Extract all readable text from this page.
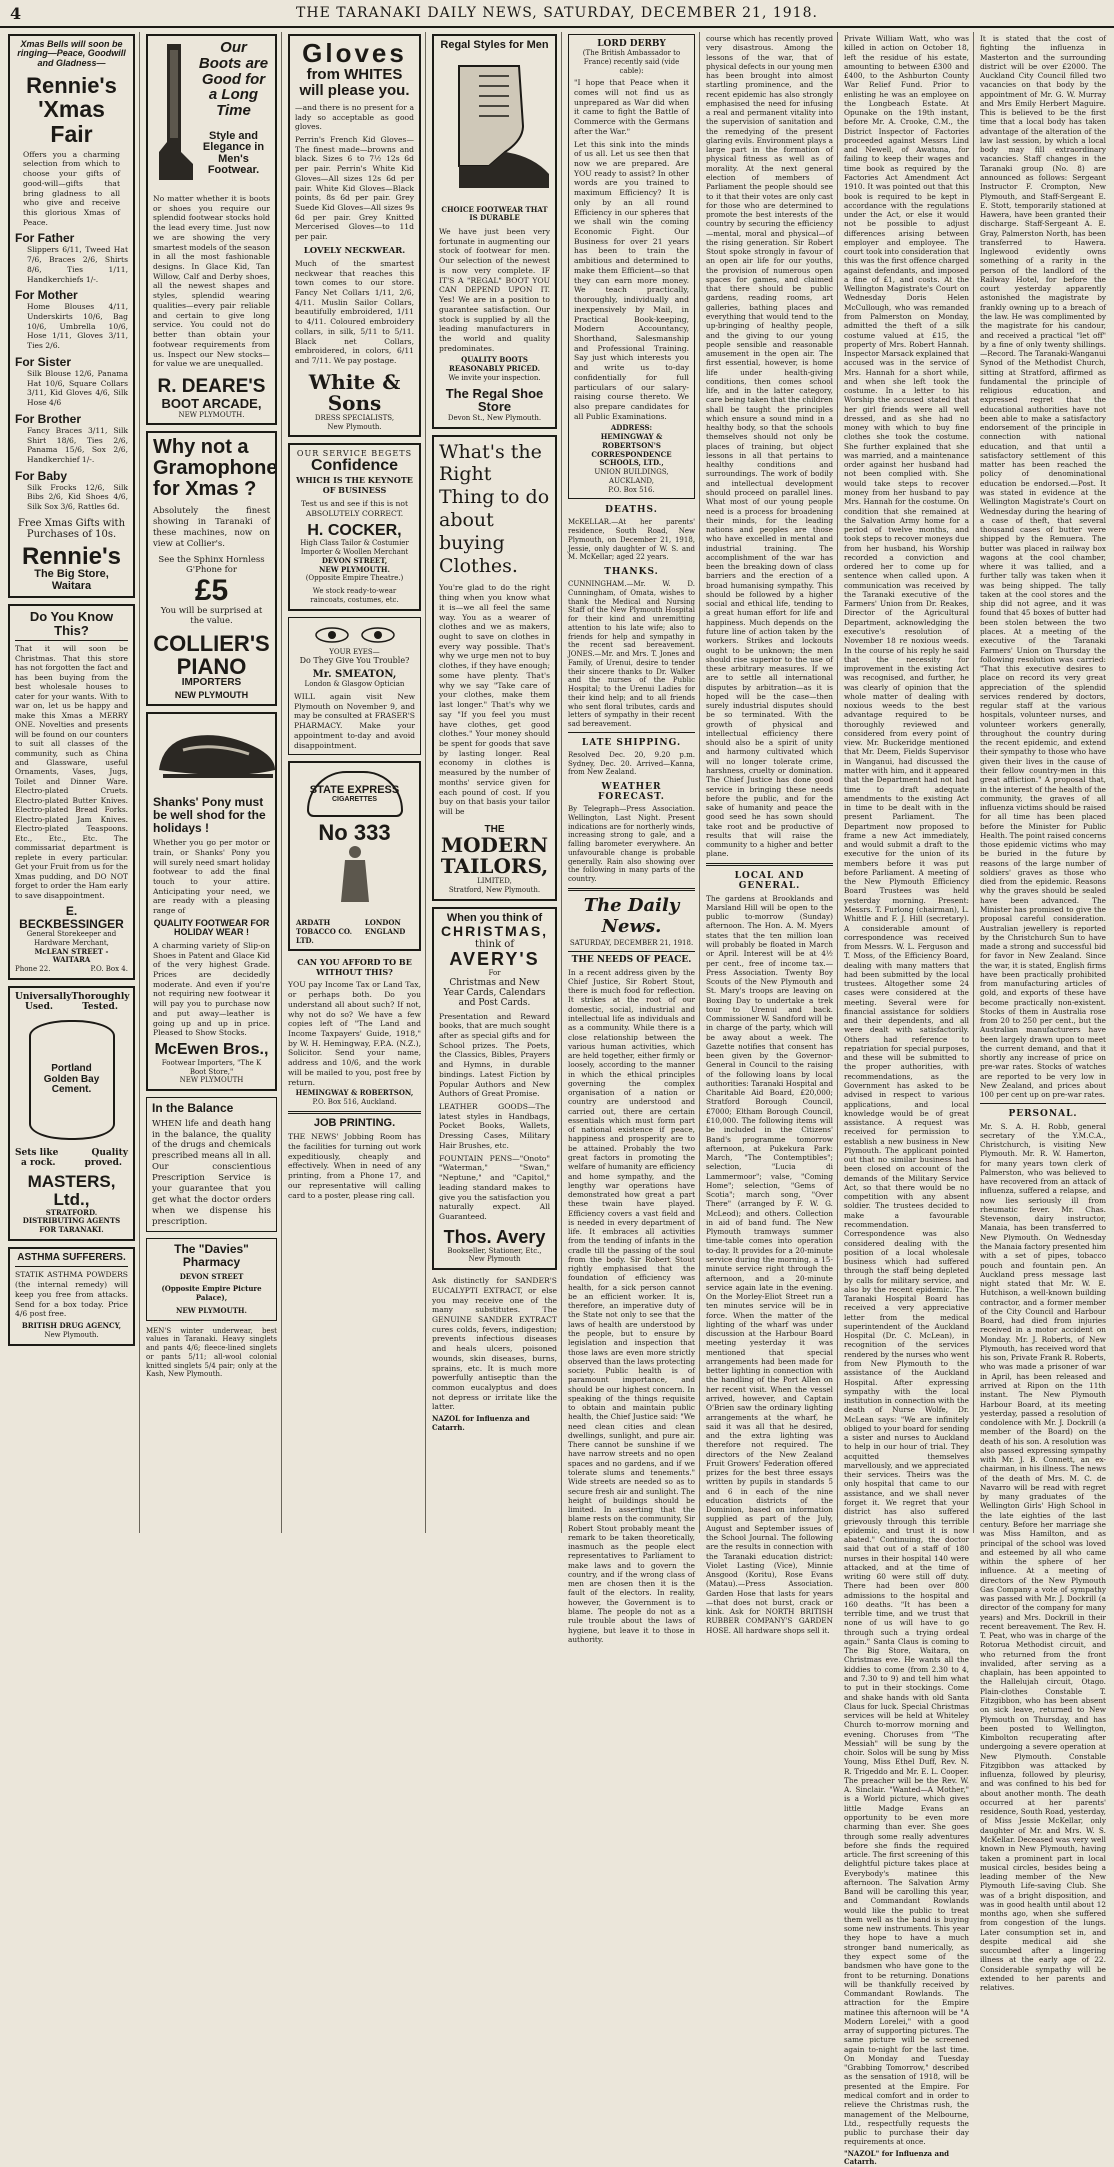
4	THE TARANAKI DAILY NEWS, SATURDAY, DECEMBER 21, 1918.
Xmas Bells will soon be ringing—Peace, Goodwill and Gladness—
Rennie's
'Xmas Fair
Offers you a charming selection from which to choose your gifts of good-will—gifts that bring gladness to all who give and receive this glorious Xmas of Peace.
For Father
Slippers 6/11, Tweed Hat 7/6, Braces 2/6, Shirts 8/6, Ties 1/11, Handkerchiefs 1/-.
For Mother
Home Blouses 4/11, Underskirts 10/6, Bag 10/6, Umbrella 10/6, Hose 1/11, Gloves 3/11, Ties 2/6.
For Sister
Silk Blouse 12/6, Panama Hat 10/6, Square Collars 3/11, Kid Gloves 4/6, Silk Hose 4/6
For Brother
Fancy Braces 3/11, Silk Shirt 18/6, Ties 2/6, Panama 15/6, Sox 2/6, Handkerchief 1/-.
For Baby
Silk Frocks 12/6, Silk Bibs 2/6, Kid Shoes 4/6, Silk Sox 3/6, Rattles 6d.
Free Xmas Gifts with Purchases of 10s.
Rennie's
The Big Store, Waitara
Do You Know This?
That it will soon be Christmas. That this store has not forgotten the fact and has been buying from the best wholesale houses to cater for your wants. With to war on, let us be happy and make this Xmas a MERRY ONE. Novelties and presents will be found on our counters to suit all classes of the community, such as China and Glassware, useful Ornaments, Vases, Jugs, Toilet and Dinner Ware. Electro-plated Cruets. Electro-plated Butter Knives. Electro-plated Bread Forks. Electro-plated Jam Knives. Electro-plated Teaspoons. Etc., Etc., Etc. The commissariat department is replete in every particular. Get your Fruit from us for the Xmas pudding, and DO NOT forget to order the Ham early to save disappointment.
E. BECKBESSINGER
General Storekeeper and Hardware Merchant,
McLEAN STREET - WAITARA
Phone 22.	P.O. Box 4.
Universally Thoroughly
Used.	Tested.
Portland
Golden Bay
Cement.
Sets like	Quality
a rock.	proved.
MASTERS, Ltd.,
STRATFORD.
DISTRIBUTING AGENTS FOR TARANAKI.
ASTHMA SUFFERERS.
STATIK ASTHMA POWDERS (the internal remedy) will keep you free from attacks. Send for a box today. Price 4/6 post free.
BRITISH DRUG AGENCY,
New Plymouth.
Our Boots are Good for a Long Time
Style and Elegance in Men's Footwear.
No matter whether it is boots or shoes you require our splendid footwear stocks hold the lead every time. Just now we are showing the very smartest models of the season in all the most fashionable designs. In Glace Kid, Tan Willow, Calf and Derby shoes, all the newest shapes and styles, splendid wearing qualities—every pair reliable and certain to give long service. You could not do better than obtain your footwear requirements from us. Inspect our New stocks—for value we are unequalled.
R. DEARE'S
BOOT ARCADE,
NEW PLYMOUTH.
Why not a Gramophone for Xmas ?
Absolutely the finest showing in Taranaki of these machines, now on view at Collier's.
See the Sphinx Hornless G'Phone for
£5
You will be surprised at the value.
COLLIER'S
PIANO
IMPORTERS
NEW PLYMOUTH
Shanks' Pony must be well shod for the holidays !
Whether you go per motor or train, or Shanks' Pony you will surely need smart holiday footwear to add the final touch to your attire. Anticipating your need, we are ready with a pleasing range of
QUALITY FOOTWEAR FOR HOLIDAY WEAR !
A charming variety of Slip-on Shoes in Patent and Glace Kid of the very highest Grade. Prices are decidedly moderate. And even if you're not requiring new footwear it will pay you to purchase now and put away—leather is going up and up in price. Pleased to Show Stocks.
McEwen Bros.,
Footwear Importers, "The K Boot Store,"
NEW PLYMOUTH
In the Balance
WHEN life and death hang in the balance, the quality of the drugs and chemicals prescribed means all in all. Our conscientious Prescription Service is your guarantee that you get what the doctor orders when we dispense his prescription.
The "Davies" Pharmacy
DEVON STREET
(Opposite Empire Picture Palace),
NEW PLYMOUTH.
MEN'S winter underwear, best values in Taranaki. Heavy singlets and pants 4/6; fleece-lined singlets or pants 5/11; all-wool colonial knitted singlets 5/4 pair; only at the Kash, New Plymouth.
Gloves
from WHITES
will please you.
—and there is no present for a lady so acceptable as good gloves.
Perrin's French Kid Gloves—The finest made—browns and black. Sizes 6 to 7½ 12s 6d per pair. Perrin's White Kid Gloves—All sizes 12s 6d per pair. White Kid Gloves—Black points, 8s 6d per pair. Grey Suede Kid Gloves—All sizes 9s 6d per pair. Grey Knitted Mercerised Gloves—to 11d per pair.
LOVELY NECKWEAR.
Much of the smartest neckwear that reaches this town comes to our store. Fancy Net Collars 1/11, 2/6, 4/11. Muslin Sailor Collars, beautifully embroidered, 1/11 to 4/11. Coloured embroidery collars, in silk, 5/11 to 5/11. Black net Collars, embroidered, in colors, 6/11 and 7/11. We pay postage.
White & Sons
DRESS SPECIALISTS,
New Plymouth.
OUR SERVICE BEGETS
Confidence
WHICH IS THE KEYNOTE OF BUSINESS
Test us and see if this is not ABSOLUTELY CORRECT.
H. COCKER,
High Class Tailor & Costumier Importer & Woollen Merchant
DEVON STREET,
NEW PLYMOUTH.
(Opposite Empire Theatre.)
We stock ready-to-wear raincoats, costumes, etc.
YOUR EYES—
Do They Give You Trouble?
Mr. SMEATON,
London & Glasgow Optician
WILL again visit New Plymouth on November 9, and may be consulted at FRASER'S PHARMACY. Make your appointment to-day and avoid disappointment.
STATE EXPRESS
CIGARETTES
No 333
ARDATH TOBACCO CO. LTD.
LONDON ENGLAND
CAN YOU AFFORD TO BE WITHOUT THIS?
YOU pay Income Tax or Land Tax, or perhaps both. Do you understand all about such? If not, why not do so? We have a few copies left of "The Land and Income Taxpayers' Guide, 1918," by W. H. Hemingway, F.P.A. (N.Z.), Solicitor. Send your name, address and 10/6, and the work will be mailed to you, post free by return.
HEMINGWAY & ROBERTSON,
P.O. Box 516, Auckland.
JOB PRINTING.
THE NEWS' Jobbing Room has the facilities for turning out work expeditiously, cheaply and effectively. When in need of any printing, from a Phone 17, and our representative will calling card to a poster, please ring call.
Regal Styles for Men
CHOICE FOOTWEAR THAT IS DURABLE
We have just been very fortunate in augmenting our stock of footwear for men. Our selection of the newest is now very complete. IF IT'S A "REGAL" BOOT YOU CAN DEPEND UPON IT. Yes! We are in a position to guarantee satisfaction. Our stock is supplied by all the leading manufacturers in the world and quality predominates.
QUALITY BOOTS REASONABLY PRICED.
We invite your inspection.
The Regal Shoe Store
Devon St., New Plymouth.
What's the Right Thing to do about buying Clothes.
You're glad to do the right thing when you know what it is—we all feel the same way. You as a wearer of clothes and we as makers, ought to save on clothes in every way possible. That's why we urge men not to buy clothes, if they have enough; some have plenty. That's why we say "Take care of your clothes, make them last longer." That's why we say "If you feel you must have clothes, get good clothes." Your money should be spent for goods that save by lasting longer. Real economy in clothes is measured by the number of months' service given for each pound of cost. If you buy on that basis your tailor will be
THE
MODERN TAILORS,
LIMITED,
Stratford, New Plymouth.
When you think of
CHRISTMAS,
think of
AVERY'S
For
Christmas and New Year Cards, Calendars and Post Cards.
Presentation and Reward books, that are much sought after as special gifts and for School prizes. The Poets, the Classics, Bibles, Prayers and Hymns, in durable bindings. Latest Fiction by Popular Authors and New Authors of Great Promise.
LEATHER GOODS—The latest styles in Handbags, Pocket Books, Wallets, Dressing Cases, Military Hair Brushes, etc.
FOUNTAIN PENS—"Onoto" "Waterman," "Swan," "Neptune," and "Capitol," leading standard makes to give you the satisfaction you naturally expect. All Guaranteed.
Thos. Avery
Bookseller, Stationer, Etc.,
New Plymouth
Ask distinctly for SANDER'S EUCALYPTI EXTRACT, or else you may receive one of the many substitutes. The GENUINE SANDER EXTRACT cures colds, fevers, indigestion; prevents infectious diseases and heals ulcers, poisoned wounds, skin diseases, burns, sprains, etc. It is much more powerfully antiseptic than the common eucalyptus and does not depress or irritate like the latter.
NAZOL for Influenza and Catarrh.
LORD DERBY
(The British Ambassador to France) recently said (vide cable):
"I hope that Peace when it comes will not find us as unprepared as War did when it came to fight the Battle of Commerce with the Germans after the War."
Let this sink into the minds of us all. Let us see then that now we are prepared. Are YOU ready to assist? In other words are you trained to maximum Efficiency? It is only by an all round Efficiency in our spheres that we shall win the coming Economic Fight. Our Business for over 21 years has been to train the ambitious and determined to make them Efficient—so that they can earn more money. We teach practically, thoroughly, individually and inexpensively by Mail, in Practical Book-keeping, Modern Accountancy, Shorthand, Salesmanship and Professional Training. Say just which interests you and write us to-day confidentially for full particulars of our salary-raising course thereto. We also prepare candidates for all Public Examinations.
ADDRESS:
HEMINGWAY & ROBERTSON'S CORRESPONDENCE SCHOOLS, LTD.,
UNION BUILDINGS, AUCKLAND,
P.O. Box 516.
DEATHS.
McKELLAR.—At her parents' residence, South Road, New Plymouth, on December 21, 1918, Jessie, only daughter of W. S. and M. McKellar; aged 22 years.
THANKS.
CUNNINGHAM.—Mr. W. D. Cunningham, of Omata, wishes to thank the Medical and Nursing Staff of the New Plymouth Hospital for their kind and unremitting attention to his late wife; also to friends for help and sympathy in the recent sad bereavement. JONES.—Mr. and Mrs. T. Jones and Family, of Urenui, desire to tender their sincere thanks to Dr. Walker and the nurses of the Public Hospital; to the Urenui Ladies for their kind help; and to all friends who sent floral tributes, cards and letters of sympathy in their recent sad bereavement.
LATE SHIPPING.
Resolved Dec. 20, 9.20 p.m. Sydney, Dec. 20. Arrived—Kanna, from New Zealand.
WEATHER FORECAST.
By Telegraph—Press Association. Wellington, Last Night. Present indications are for northerly winds, increasing strong to gale, and a falling barometer everywhere. An unfavourable change is probable generally. Rain also showing over the following in many parts of the country.
The Daily News.
SATURDAY, DECEMBER 21, 1918.
THE NEEDS OF PEACE.
In a recent address given by the Chief Justice, Sir Robert Stout, there is much food for reflection. It strikes at the root of our domestic, social, industrial and intellectual life as individuals and as a community. While there is a close relationship between the various human activities, which are held together, either firmly or loosely, according to the manner in which the ethical principles governing the complex organisation of a nation or country are understood and carried out, there are certain essentials which must form part of national existence if peace, happiness and prosperity are to be attained. Probably the two great factors in promoting the welfare of humanity are efficiency and home sympathy, and the lengthy war operations have demonstrated how great a part these twain have played. Efficiency covers a vast field and is needed in every department of life. It embraces all activities from the tending of infants in the cradle till the passing of the soul from the body. Sir Robert Stout rightly emphasised that the foundation of efficiency was health, for a sick person cannot be an efficient worker. It is, therefore, an imperative duty of the State not only to see that the laws of health are understood by the people, but to ensure by legislation and inspection that those laws are even more strictly observed than the laws protecting society. Public health is of paramount importance, and should be our highest concern. In speaking of the things requisite to obtain and maintain public health, the Chief Justice said: "We need clean cities and clean dwellings, sunlight, and pure air. There cannot be sunshine if we have narrow streets and no open spaces and no gardens, and if we tolerate slums and tenements." Wide streets are needed so as to secure fresh air and sunlight. The height of buildings should be limited. In asserting that the blame rests on the community, Sir Robert Stout probably meant the remark to be taken theoretically, inasmuch as the people elect representatives to Parliament to make laws and to govern the country, and if the wrong class of men are chosen then it is the fault of the electors. In reality, however, the Government is to blame. The people do not as a rule trouble about the laws of hygiene, but leave it to those in authority.
course which has recently proved very disastrous. Among the lessons of the war, that of physical defects in our young men has been brought into almost startling prominence, and the recent epidemic has also strongly emphasised the need for infusing a real and permanent vitality into the supervision of sanitation and the remedying of the present glaring evils. Environment plays a large part in the formation of physical fitness as well as of morality. At the next general election of members of Parliament the people should see to it that their votes are only cast for those who are determined to promote the best interests of the country by securing the efficiency—mental, moral and physical—of the rising generation. Sir Robert Stout spoke strongly in favour of an open air life for our youths, the provision of numerous open spaces for games, and claimed that there should be public gardens, reading rooms, art galleries, bathing places and everything that would tend to the up-bringing of healthy people, and the giving to our young people sensible and reasonable amusement in the open air. The first essential, however, is home life under health-giving conditions, then comes school life, and in the latter category, care being taken that the children shall be taught the principles which ensure a sound mind in a healthy body, so that the schools themselves should not only be places of training, but object lessons in all that pertains to healthy conditions and surroundings. The work of bodily and intellectual development should proceed on parallel lines. What most of our young people need is a process for broadening their minds, for the leading nations and peoples are those who have excelled in mental and industrial training. The accomplishment of the war has been the breaking down of class barriers and the erection of a broad humanising sympathy. This should be followed by a higher social and ethical life, tending to a great human effort for life and happiness. Much depends on the future line of action taken by the workers. Strikes and lockouts ought to be unknown; the men should rise superior to the use of these arbitrary measures. If we are to settle all international disputes by arbitration—as it is hoped will be the case—then surely industrial disputes should be so terminated. With the growth of physical and intellectual efficiency there should also be a spirit of unity and harmony cultivated which will no longer tolerate crime, harshness, cruelty or domination. The Chief Justice has done good service in bringing these needs before the public, and for the sake of humanity and peace the good seed he has sown should take root and be productive of results that will raise the community to a higher and better plane.
LOCAL AND GENERAL.
The gardens at Brooklands and Marsland Hill will be open to the public to-morrow (Sunday) afternoon. The Hon. A. M. Myers states that the ten million loan will probably be floated in March or April. Interest will be at 4½ per cent., free of income tax.—Press Association. Twenty Boy Scouts of the New Plymouth and St. Mary's troops are leaving on Boxing Day to undertake a trek tour to Urenui and back. Commissioner W. Sandford will be in charge of the party, which will be away about a week. The Gazette notifies that consent has been given by the Governor-General in Council to the raising of the following loans by local authorities: Taranaki Hospital and Charitable Aid Board, £20,000; Stratford Borough Council, £7000; Eltham Borough Council, £10,000. The following items will be included in the Citizens' Band's programme tomorrow afternoon, at Pukekura Park: March, "The Contemptibles"; selection, "Lucia di Lammermoor"; valse, "Coming Home"; selection, "Gems of Scotia"; march song, "Over There" (arranged by F. W. G. McLeod); and others. Collection in aid of band fund. The New Plymouth tramways summer time-table comes into operation to-day. It provides for a 20-minute service during the morning, a 15-minute service right through the afternoon, and a 20-minute service again late in the evening. On the Morley-Eliot Street run a ten minutes service will be in force. When the matter of the lighting of the wharf was under discussion at the Harbour Board meeting yesterday it was mentioned that special arrangements had been made for better lighting in connection with the handling of the Port Allen on her recent visit. When the vessel arrived, however, and Captain O'Brien saw the ordinary lighting arrangements at the wharf, he said it was all that he desired, and the extra lighting was therefore not required. The directors of the New Zealand Fruit Growers' Federation offered prizes for the best three essays written by pupils in standards 5 and 6 in each of the nine education districts of the Dominion, based on information supplied as part of the July, August and September issues of the School Journal. The following are the results in connection with the Taranaki education district: Violet Lasting (Vice), Minnie Ansgood (Koritu), Rose Evans (Matau).—Press Association. Garden Hose that lasts for years—that does not burst, crack or kink. Ask for NORTH BRITISH RUBBER COMPANY'S GARDEN HOSE. All hardware shops sell it.
Private William Watt, who was killed in action on October 18, left the residue of his estate, amounting to between £300 and £400, to the Ashburton County War Relief Fund. Prior to enlisting he was an employee on the Longbeach Estate. At Opunake on the 19th instant, before Mr. A. Crooke, C.M., the District Inspector of Factories proceeded against Messrs Lind and Newell, of Awatuna, for failing to keep their wages and time book as required by the Factories Act Amendment Act 1910. It was pointed out that this book is required to be kept in accordance with the regulations under the Act, or else it would not be possible to adjust differences arising between employer and employee. The court took into consideration that this was the first offence charged against defendants, and imposed a fine of £1, and costs. At the Wellington Magistrate's Court on Wednesday Doris Helen McCullough, who was remanded from Palmerston on Monday, admitted the theft of a silk costume valued at £15, the property of Mrs. Robert Hannah. Inspector Marsack explained that accused was in the service of Mrs. Hannah for a short while, and when she left took the costume. In a letter to his Worship the accused stated that her girl friends were all well dressed, and as she had no money with which to buy fine clothes she took the costume. She further explained that she was married, and a maintenance order against her husband had not been complied with. She would take steps to recover money from her husband to pay Mrs. Hannah for the costume. On condition that she remained at the Salvation Army home for a period of twelve months, and took steps to recover moneys due from her husband, his Worship recorded a conviction and ordered her to come up for sentence when called upon. A communication was received by the Taranaki executive of the Farmers' Union from Dr. Reakes, Director of the Agricultural Department, acknowledging the executive's resolution of November 18 re noxious weeds. In the course of his reply he said that the necessity for improvement in the existing Act was recognised, and further, he was clearly of opinion that the whole matter of dealing with noxious weeds to the best advantage required to be thoroughly reviewed and considered from every point of view. Mr. Buckeridge mentioned that Mr. Deem, Fields Supervisor in Wanganui, had discussed the matter with him, and it appeared that the Department had not had time to draft adequate amendments to the existing Act in time to be dealt with in the present Parliament. The Department now proposed to frame a new Act immediately, and would submit a draft to the executive for the union of its members before it was put before Parliament. A meeting of the New Plymouth Efficiency Board Trustees was held yesterday morning. Present: Messrs. T. Furlong (chairman), L. Whittle and F. J. Hill (secretary). A considerable amount of correspondence was received from Messrs. W. L. Ferguson and T. Moss, of the Efficiency Board, dealing with many matters that had been submitted by the local trustees. Altogether some 24 cases were considered at the meeting. Several were for financial assistance for soldiers and their dependents, and all were dealt with satisfactorily. Others had reference to repatriation for special purposes, and these will be submitted to the proper authorities, with recommendations, as the Government has asked to be advised in respect to various applications, and local knowledge would be of great assistance. A request was received for permission to establish a new business in New Plymouth. The applicant pointed out that no similar business had been closed on account of the demands of the Military Service Act, so that there would be no competition with any absent soldier. The trustees decided to make a favourable recommendation. Correspondence was also considered dealing with the position of a local wholesale business which had suffered through the staff being depleted by calls for military service, and also by the recent epidemic. The Taranaki Hospital Board has received a very appreciative letter from the medical superintendent of the Auckland Hospital (Dr. C. McLean), in recognition of the services rendered by the nurses who went from New Plymouth to the assistance of the Auckland Hospital. After expressing sympathy with the local institution in connection with the death of Nurse Wolfe, Dr. McLean says: "We are infinitely obliged to your board for sending a sister and nurses to Auckland to help in our hour of trial. They acquitted themselves marvellously, and we appreciated their services. Theirs was the only hospital that came to our assistance, and we shall never forget it. We regret that your district has also suffered grievously through this terrible epidemic, and trust it is now abated." Continuing, the doctor said that out of a staff of 180 nurses in their hospital 140 were attacked, and at the time of writing 60 were still off duty. There had been over 800 admissions to the hospital and 160 deaths. "It has been a terrible time, and we trust that none of us will have to go through such a trying ordeal again." Santa Claus is coming to The Big Store, Waitara, on Christmas eve. He wants all the kiddies to come (from 2.30 to 4, and 7.30 to 9) and tell him what to put in their stockings. Come and shake hands with old Santa Claus for luck. Special Christmas services will be held at Whiteley Church to-morrow morning and evening. Choruses from "The Messiah" will be sung by the choir. Solos will be sung by Miss Young, Miss Ethel Duff, Rev. N. R. Trigeddo and Mr. E. L. Cooper. The preacher will be the Rev. W. A. Sinclair. "Wanted—A Mother," is a World picture, which gives little Madge Evans an opportunity to be even more charming than ever. She goes through some really adventures before she finds the required article. The first screening of this delightful picture takes place at Everybody's matinee this afternoon. The Salvation Army Band will be carolling this year, and Commandant Rowlands would like the public to treat them well as the band is buying some new instruments. This year they hope to have a much stronger band numerically, as they expect some of the bandsmen who have gone to the front to be returning. Donations will be thankfully received by Commandant Rowlands. The attraction for the Empire matinee this afternoon will be "A Modern Lorelei," with a good array of supporting pictures. The same picture will be screened again to-night for the last time. On Monday and Tuesday "Grabbing Tomorrow," described as the sensation of 1918, will be presented at the Empire. For medical comfort and in order to relieve the Christmas rush, the management of the Melbourne, Ltd., respectfully requests the public to purchase their day requirements at once.
"NAZOL" for Influenza and Catarrh.
It is stated that the cost of fighting the influenza in Masterton and the surrounding district will be over £2000. The Auckland City Council filled two vacancies on that body by the appointment of Mr. G. W. Murray and Mrs Emily Herbert Maguire. This is believed to be the first time that a local body has taken advantage of the alteration of the law last session, by which a local body may fill extraordinary vacancies. Staff changes in the Taranaki group (No. 8) are announced as follows: Sergeant Instructor F. Crompton, New Plymouth, and Staff-Sergeant E. E. Stott, temporarily stationed at Hawera, have been granted their discharge. Staff-Sergeant A. E. Gray, Palmerston North, has been transferred to Hawera. Inglewood evidently owns something of a rarity in the person of the landlord of the Railway Hotel, for before the court yesterday apparently astonished the magistrate by frankly owning up to a breach of the law. He was complimented by the magistrate for his candour, and received a practical "let off" by a fine of only twenty shillings.—Record. The Taranaki-Wanganui Synod of the Methodist Church, sitting at Stratford, affirmed as fundamental the principle of religious education, and expressed regret that the educational authorities have not been able to make a satisfactory endorsement of the principle in connection with national education, and that until a satisfactory settlement of this matter has been reached the policy of denominational education be endorsed.—Post. It was stated in evidence at the Wellington Magistrate's Court on Wednesday during the hearing of a case of theft, that several thousand cases of butter were shipped by the Remuera. The butter was placed in railway box wagons at the cool chamber, where it was tallied, and a further tally was taken when it was being shipped. The tally taken at the cool stores and the ship did not agree, and it was found that 45 boxes of butter had been stolen between the two places. At a meeting of the executive of the Taranaki Farmers' Union on Thursday the following resolution was carried: "That this executive desires to place on record its very great appreciation of the splendid services rendered by doctors, regular staff at the various hospitals, volunteer nurses, and volunteer workers generally, throughout the country during the recent epidemic, and extend their sympathy to those who have given their lives in the cause of their fellow country-men in this great affliction." A proposal that, in the interest of the health of the community, the graves of all influenza victims should be raised for all time has been placed before the Minister for Public Health. The point raised concerns those epidemic victims who may be buried in the future by reasons of the large number of soldiers' graves as those who died from the epidemic. Reasons why the graves should be sealed have been advanced. The Minister has promised to give the proposal careful consideration. Australian jewellery is reported by the Christchurch Sun to have made a strong and successful bid for favor in New Zealand. Since the war, it is stated, English firms have been practically prohibited from manufacturing articles of gold, and exports of these have become practically non-existent. Stocks of them in Australia rose from 20 to 250 per cent., but the Australian manufacturers have been largely drawn upon to meet the current demand, and that it shortly any increase of price on pre-war rates. Stocks of watches are reported to be very low in New Zealand, and prices about 100 per cent up on pre-war rates.
PERSONAL.
Mr. S. A. H. Robb, general secretary of the Y.M.C.A., Christchurch, is visiting New Plymouth. Mr. R. W. Hamerton, for many years town clerk of Palmerston, who was believed to have recovered from an attack of influenza, suffered a relapse, and now lies seriously ill from rheumatic fever. Mr. Chas. Stevenson, dairy instructor, Manaia, has been transferred to New Plymouth. On Wednesday the Manaia factory presented him with a set of pipes, tobacco pouch and fountain pen. An Auckland press message last night stated that Mr. W. E. Hutchison, a well-known building contractor, and a former member of the City Council and Harbour Board, had died from injuries received in a motor accident on Monday. Mr. J. Roberts, of New Plymouth, has received word that his son, Private Frank R. Roberts, who was made a prisoner of war in April, has been released and arrived at Ripon on the 11th instant. The New Plymouth Harbour Board, at its meeting yesterday, passed a resolution of condolence with Mr. J. Dockrill (a member of the Board) on the death of his son. A resolution was also passed expressing sympathy with Mr. J. B. Connett, an ex-chairman, in his illness. The news of the death of Mrs. M. C. de Navarro will be read with regret by many graduates of the Wellington Girls' High School in the late eighties of the last century. Before her marriage she was Miss Hamilton, and as principal of the school was loved and esteemed by all who came within the sphere of her influence. At a meeting of directors of the New Plymouth Gas Company a vote of sympathy was passed with Mr. J. Dockrill (a director of the company for many years) and Mrs. Dockrill in their recent bereavement. The Rev. H. T. Peat, who was in charge of the Rotorua Methodist circuit, and who returned from the front invalided, after serving as a chaplain, has been appointed to the Hallelujah circuit, Otago. Plain-clothes Constable T. Fitzgibbon, who has been absent on sick leave, returned to New Plymouth on Thursday, and has been posted to Wellington, Kimbolton recuperating after undergoing a severe operation at New Plymouth. Constable Fitzgibbon was attacked by influenza, followed by pleurisy, and was confined to his bed for about another month. The death occurred at her parents' residence, South Road, yesterday, of Miss Jessie McKellar, only daughter of Mr. and Mrs. W. S. McKellar. Deceased was very well known in New Plymouth, having taken a prominent part in local musical circles, besides being a leading member of the New Plymouth Life-saving Club. She was of a bright disposition, and was in good health until about 12 months ago, when she suffered from congestion of the lungs. Later consumption set in, and despite medical aid she succumbed after a lingering illness at the early age of 22. Considerable sympathy will be extended to her parents and relatives.
